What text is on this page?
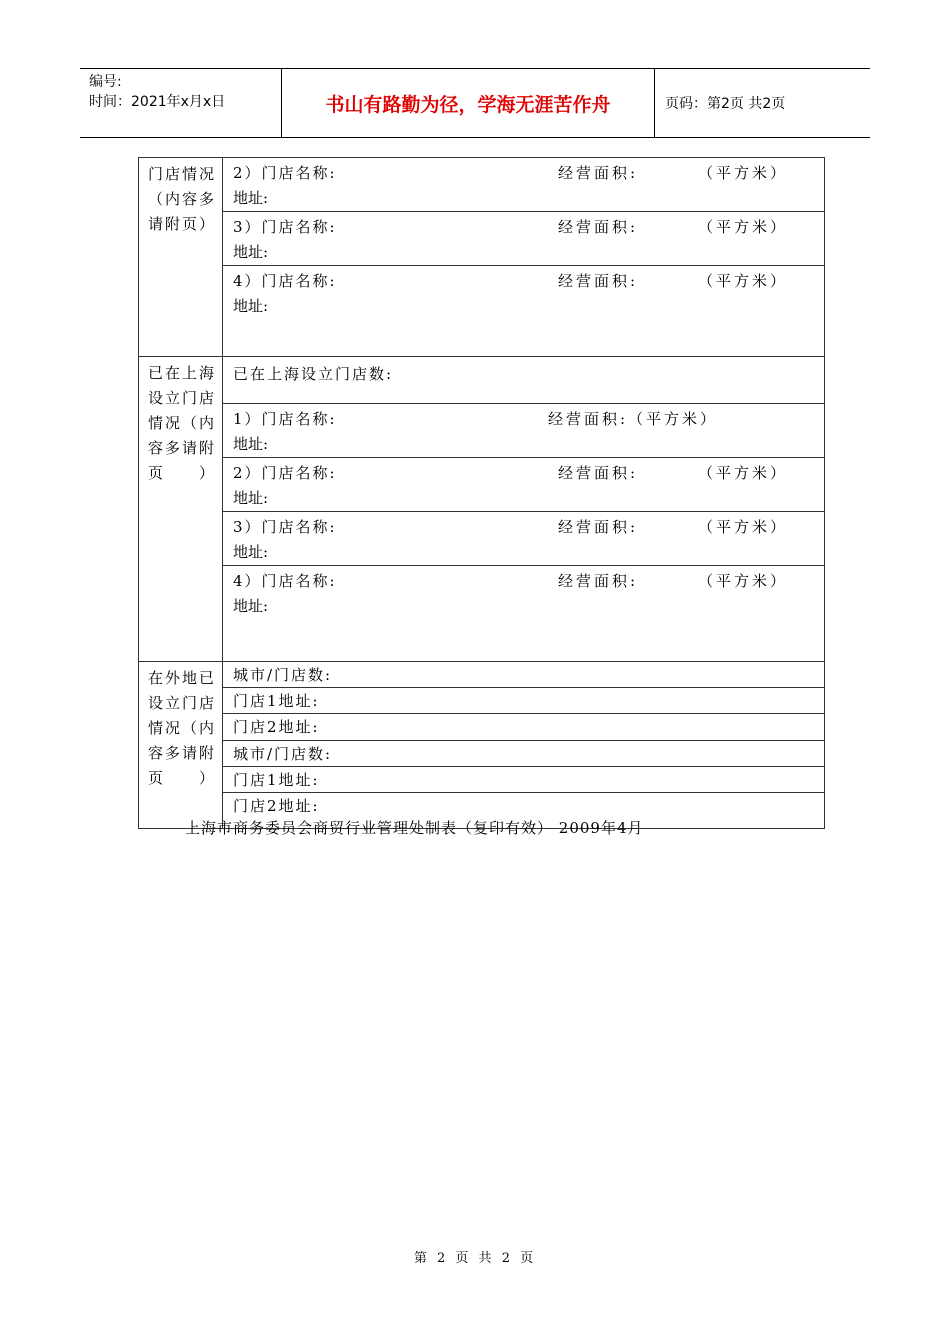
编号:
时间：2021年x月x日	书山有路勤为径，学海无涯苦作舟	页码：第2页 共2页
门店情况（内容多请附页）	2）门店名称: 经营面积: （平方米）
地址:

	3）门店名称: 经营面积: （平方米）
地址:

	4）门店名称: 经营面积: （平方米）
地址:

已在上海设立门店情况（内容多请附页）	已在上海设立门店数:

	1）门店名称: 经营面积:（平方米）
地址:

	2）门店名称: 经营面积: （平方米）
地址:

	3）门店名称: 经营面积: （平方米）
地址:

	4）门店名称: 经营面积: （平方米）
地址:

在外地已设立门店情况（内容多请附页）	城市/门店数:

	门店1地址:

	门店2地址:

	城市/门店数:

	门店1地址:

	门店2地址:
上海市商务委员会商贸行业管理处制表（复印有效） 2009年4月
第 2 页 共 2 页
